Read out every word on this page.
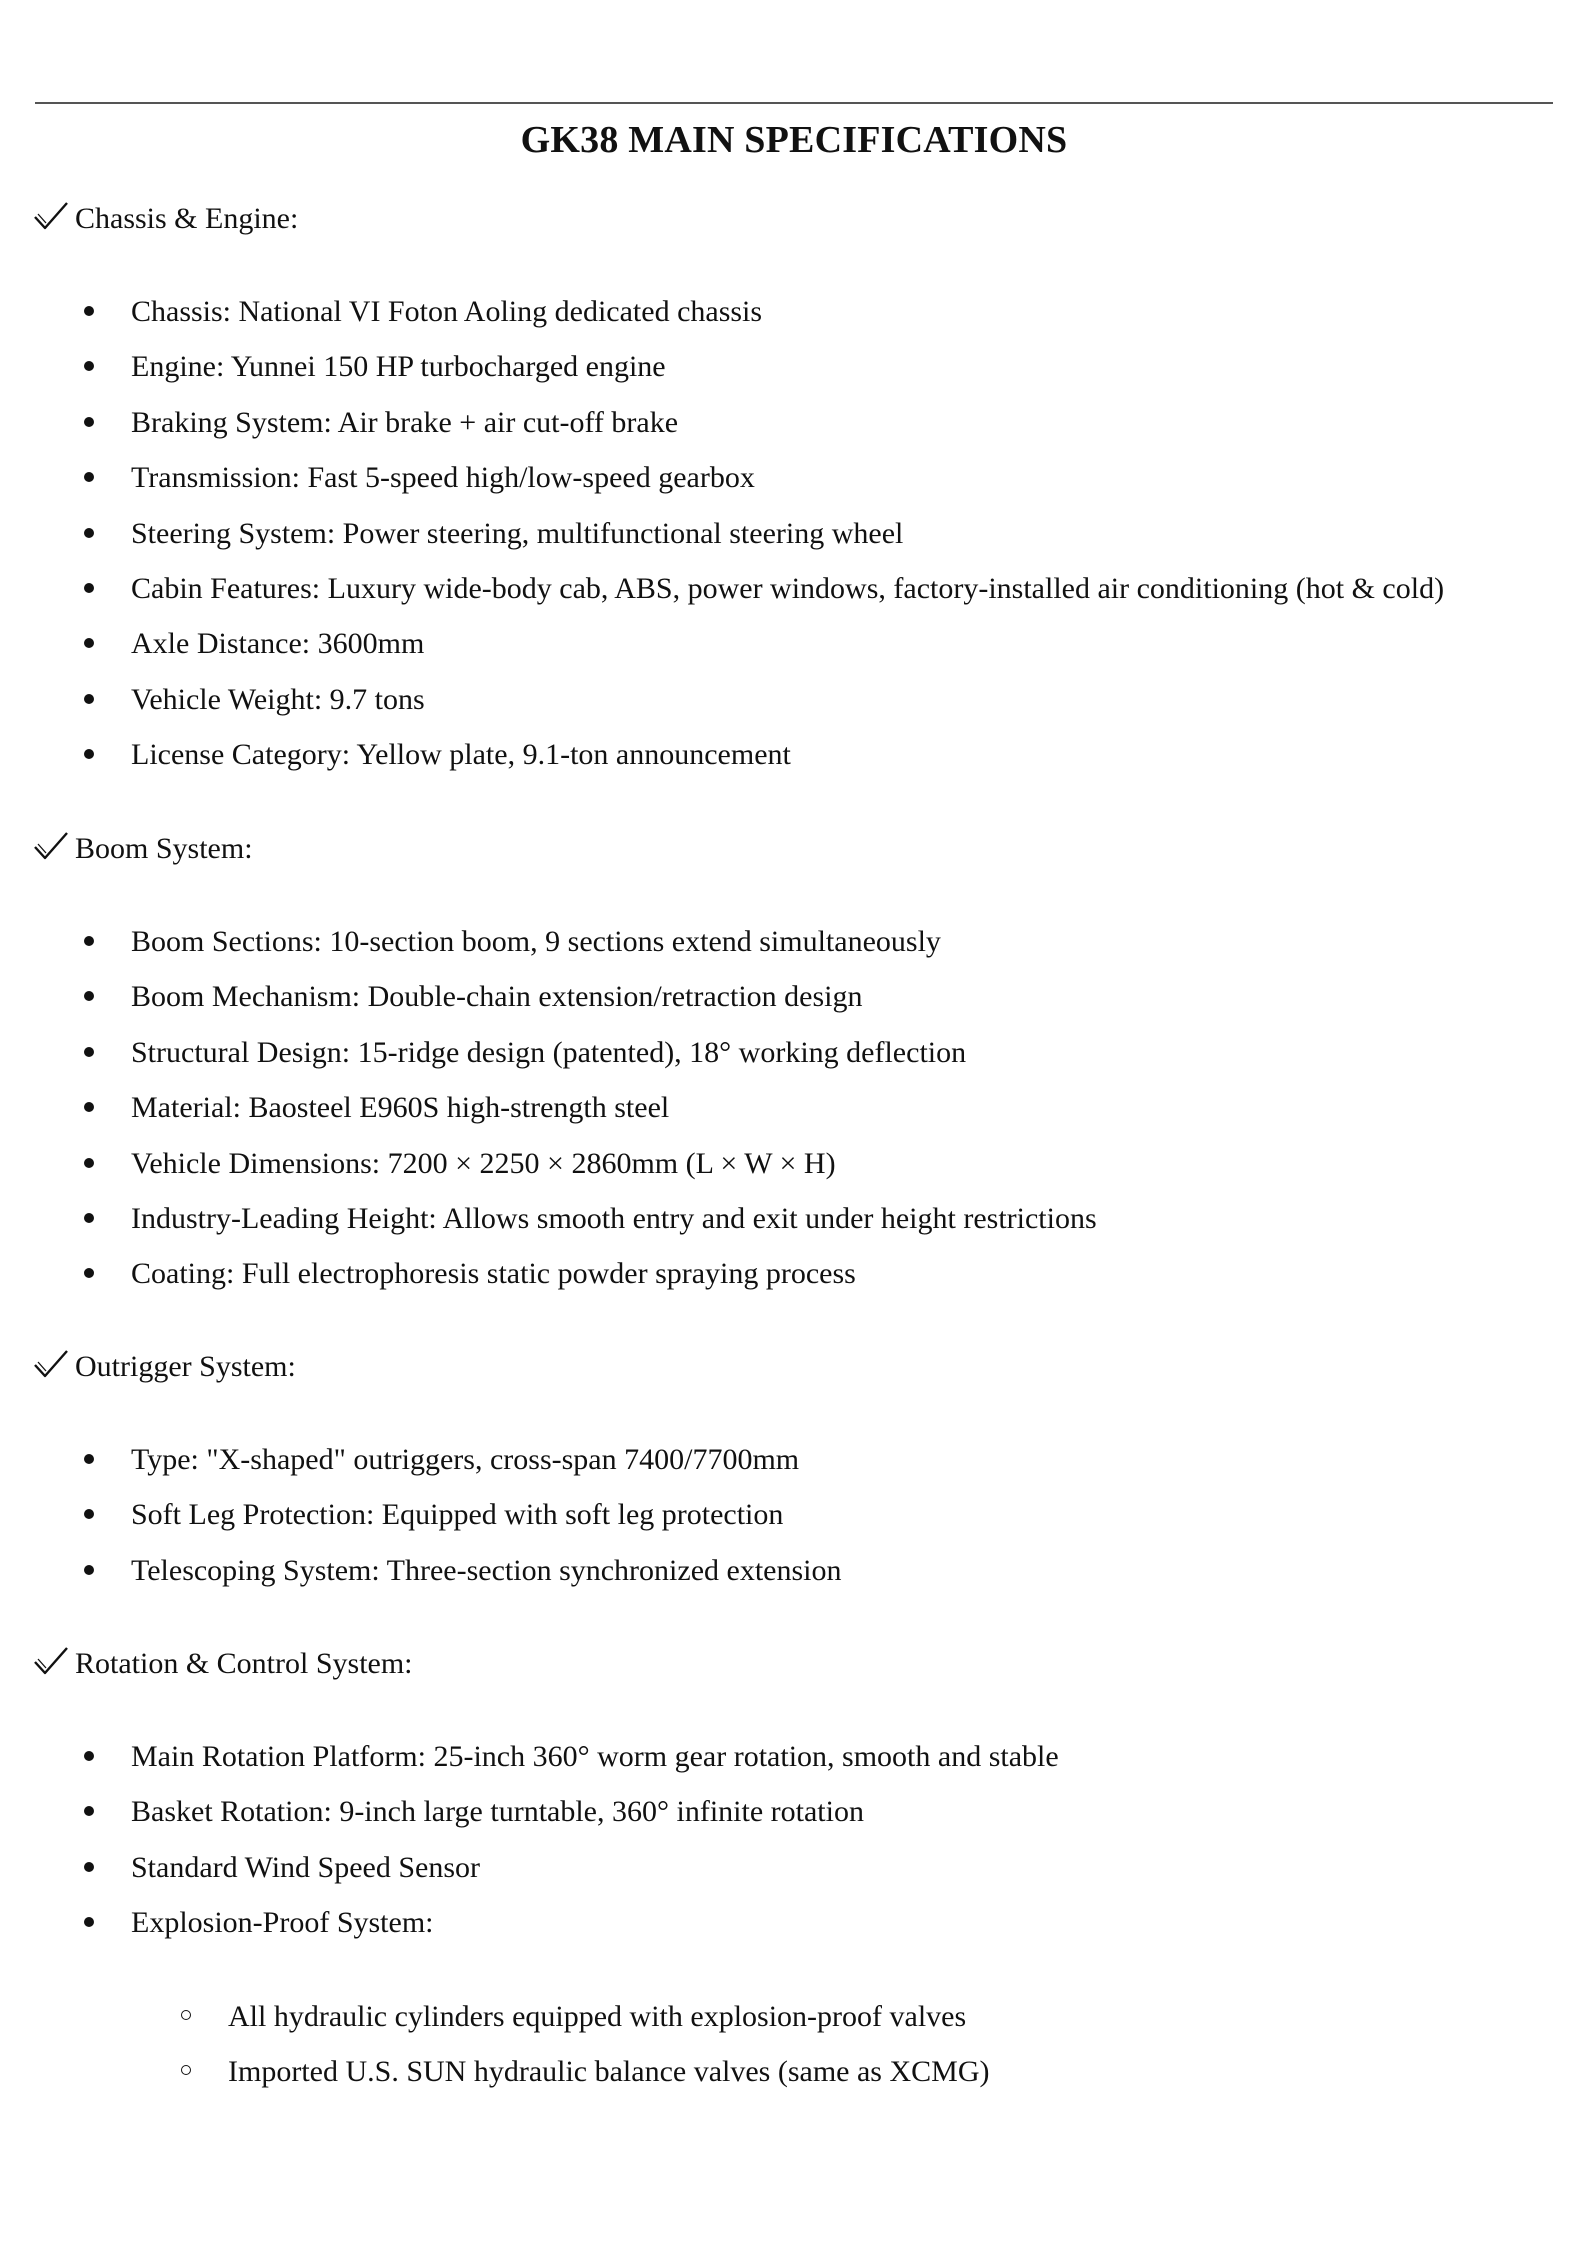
GK38 MAIN SPECIFICATIONS
Chassis & Engine:
Chassis: National VI Foton Aoling dedicated chassis
Engine: Yunnei 150 HP turbocharged engine
Braking System: Air brake + air cut-off brake
Transmission: Fast 5-speed high/low-speed gearbox
Steering System: Power steering, multifunctional steering wheel
Cabin Features: Luxury wide-body cab, ABS, power windows, factory-installed air conditioning (hot & cold)
Axle Distance: 3600mm
Vehicle Weight: 9.7 tons
License Category: Yellow plate, 9.1-ton announcement
Boom System:
Boom Sections: 10-section boom, 9 sections extend simultaneously
Boom Mechanism: Double-chain extension/retraction design
Structural Design: 15-ridge design (patented), 18° working deflection
Material: Baosteel E960S high-strength steel
Vehicle Dimensions: 7200 × 2250 × 2860mm (L × W × H)
Industry-Leading Height: Allows smooth entry and exit under height restrictions
Coating: Full electrophoresis static powder spraying process
Outrigger System:
Type: "X-shaped" outriggers, cross-span 7400/7700mm
Soft Leg Protection: Equipped with soft leg protection
Telescoping System: Three-section synchronized extension
Rotation & Control System:
Main Rotation Platform: 25-inch 360° worm gear rotation, smooth and stable
Basket Rotation: 9-inch large turntable, 360° infinite rotation
Standard Wind Speed Sensor
Explosion-Proof System:
All hydraulic cylinders equipped with explosion-proof valves
Imported U.S. SUN hydraulic balance valves (same as XCMG)
